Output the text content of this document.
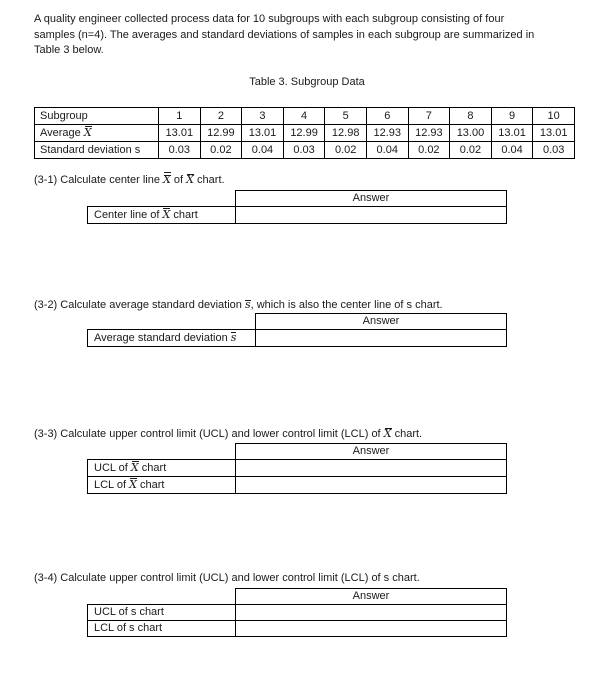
A quality engineer collected process data for 10 subgroups with each subgroup consisting of four
samples (n=4). The averages and standard deviations of samples in each subgroup are summarized in
Table 3 below.
Table 3. Subgroup Data
Subgroup	1	2	3	4	5	6	7	8	9	10
Average X	13.01	12.99	13.01	12.99	12.98	12.93	12.93	13.00	13.01	13.01
Standard deviation s	0.03	0.02	0.04	0.03	0.02	0.04	0.02	0.02	0.04	0.03
(3-1) Calculate center line X of X chart.
	Answer
Center line of X chart	
(3-2) Calculate average standard deviation s, which is also the center line of s chart.
	Answer
Average standard deviation s	
(3-3) Calculate upper control limit (UCL) and lower control limit (LCL) of X chart.
	Answer
UCL of X chart	
LCL of X chart	
(3-4) Calculate upper control limit (UCL) and lower control limit (LCL) of s chart.
	Answer
UCL of s chart	
LCL of s chart	
